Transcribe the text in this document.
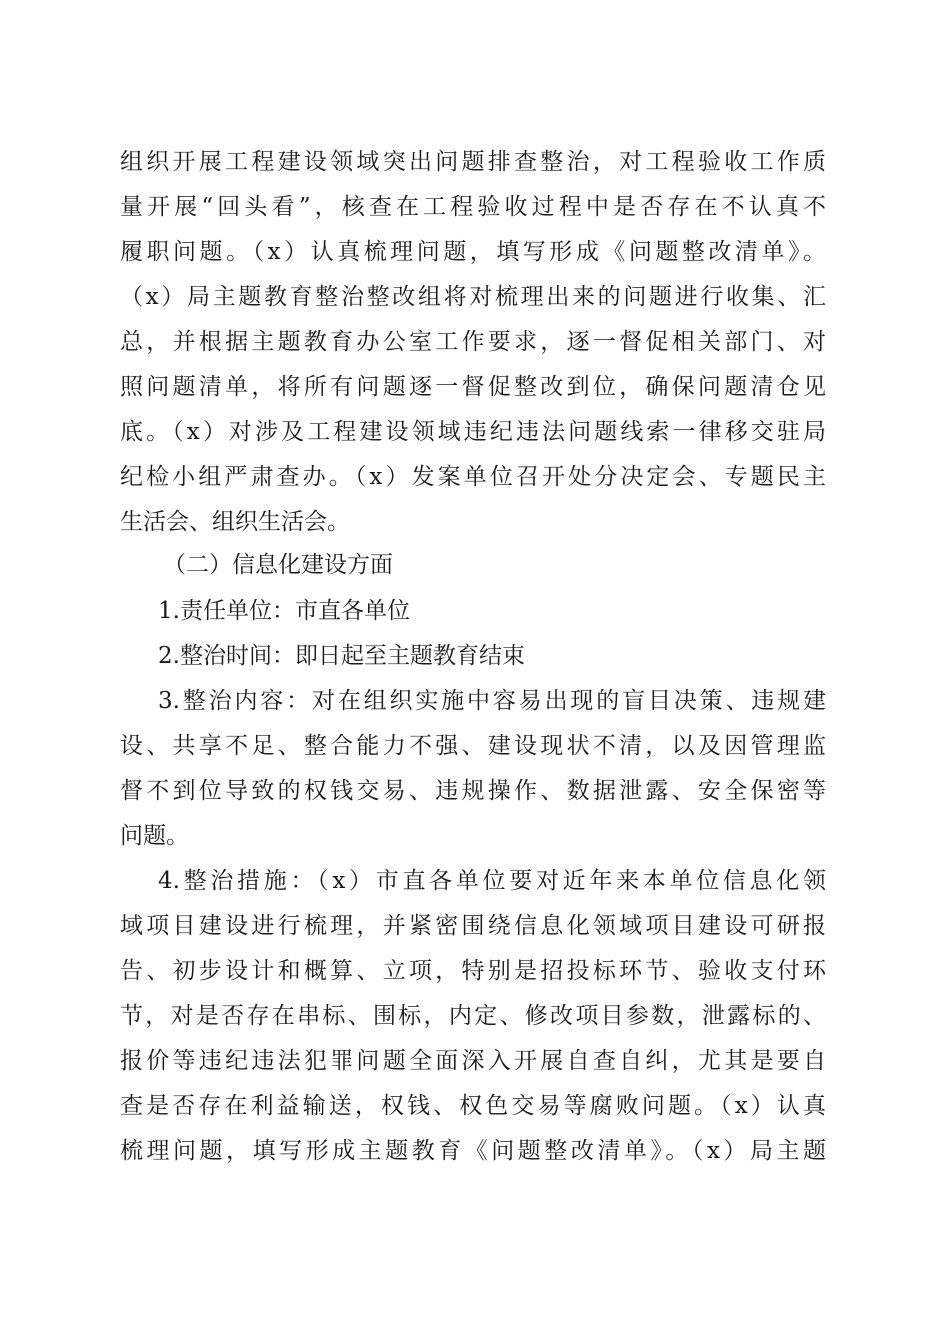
组织开展工程建设领域突出问题排查整治，对工程验收工作质
量开展“回头看”，核查在工程验收过程中是否存在不认真不
履职问题。（x）认真梳理问题，填写形成《问题整改清单》。
（x）局主题教育整治整改组将对梳理出来的问题进行收集、汇
总，并根据主题教育办公室工作要求，逐一督促相关部门、对
照问题清单，将所有问题逐一督促整改到位，确保问题清仓见
底。（x）对涉及工程建设领域违纪违法问题线索一律移交驻局
纪检小组严肃查办。（x）发案单位召开处分决定会、专题民主
生活会、组织生活会。
（二）信息化建设方面
1.责任单位：市直各单位
2.整治时间：即日起至主题教育结束
3.整治内容：对在组织实施中容易出现的盲目决策、违规建
设、共享不足、整合能力不强、建设现状不清，以及因管理监
督不到位导致的权钱交易、违规操作、数据泄露、安全保密等
问题。
4.整治措施：（x）市直各单位要对近年来本单位信息化领
域项目建设进行梳理，并紧密围绕信息化领域项目建设可研报
告、初步设计和概算、立项，特别是招投标环节、验收支付环
节，对是否存在串标、围标，内定、修改项目参数，泄露标的、
报价等违纪违法犯罪问题全面深入开展自查自纠，尤其是要自
查是否存在利益输送，权钱、权色交易等腐败问题。（x）认真
梳理问题，填写形成主题教育《问题整改清单》。（x）局主题
